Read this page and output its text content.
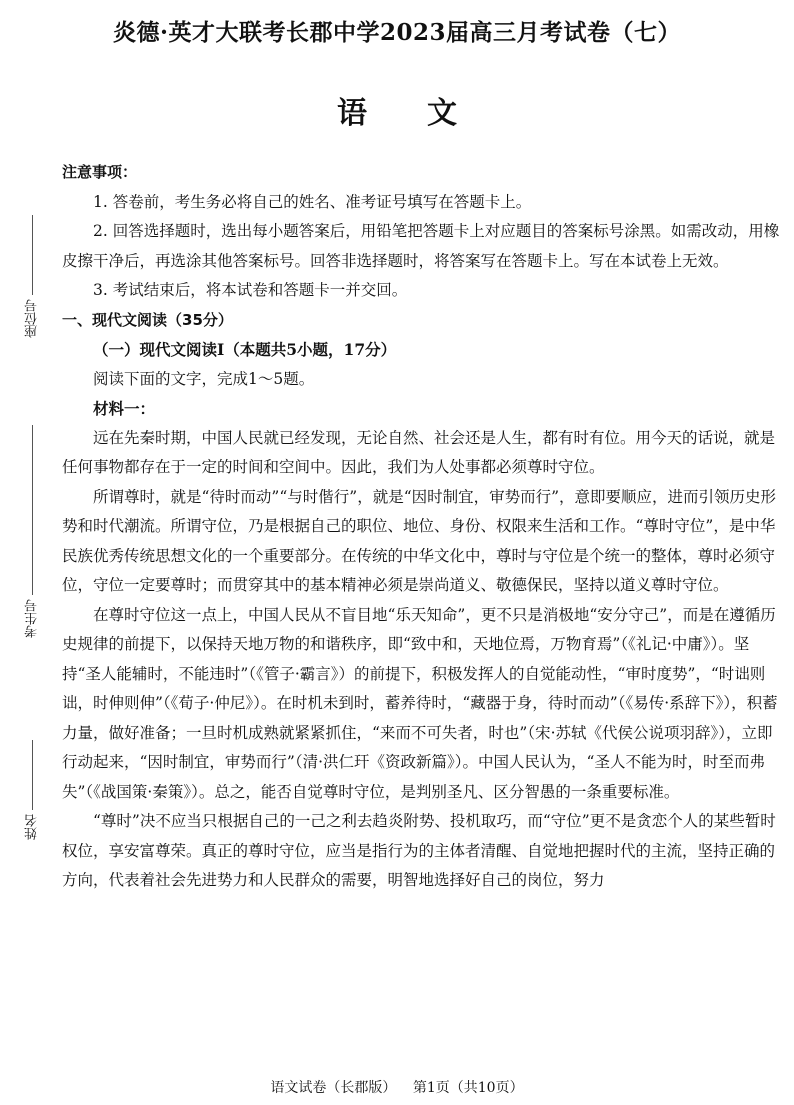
炎德·英才大联考长郡中学2023届高三月考试卷（七）
语文
座位号
考生号
姓名

注意事项：

1. 答卷前，考生务必将自己的姓名、准考证号填写在答题卡上。

2. 回答选择题时，选出每小题答案后，用铅笔把答题卡上对应题目的答案标号涂黑。如需改动，用橡皮擦干净后，再选涂其他答案标号。回答非选择题时，将答案写在答题卡上。写在本试卷上无效。

3. 考试结束后，将本试卷和答题卡一并交回。

一、现代文阅读（35分）

（一）现代文阅读Ⅰ（本题共5小题，17分）

阅读下面的文字，完成1～5题。

材料一：

远在先秦时期，中国人民就已经发现，无论自然、社会还是人生，都有时有位。用今天的话说，就是任何事物都存在于一定的时间和空间中。因此，我们为人处事都必须尊时守位。

所谓尊时，就是“待时而动”“与时偕行”，就是“因时制宜，审势而行”，意即要顺应，进而引领历史形势和时代潮流。所谓守位，乃是根据自己的职位、地位、身份、权限来生活和工作。“尊时守位”，是中华民族优秀传统思想文化的一个重要部分。在传统的中华文化中，尊时与守位是个统一的整体，尊时必须守位，守位一定要尊时；而贯穿其中的基本精神必须是崇尚道义、敬德保民，坚持以道义尊时守位。

在尊时守位这一点上，中国人民从不盲目地“乐天知命”，更不只是消极地“安分守己”，而是在遵循历史规律的前提下，以保持天地万物的和谐秩序，即“致中和，天地位焉，万物育焉”（《礼记·中庸》）。坚持“圣人能辅时，不能违时”（《管子·霸言》）的前提下，积极发挥人的自觉能动性，“审时度势”，“时诎则诎，时伸则伸”（《荀子·仲尼》）。在时机未到时，蓄养待时，“藏器于身，待时而动”（《易传·系辞下》），积蓄力量，做好准备；一旦时机成熟就紧紧抓住，“来而不可失者，时也”（宋·苏轼《代侯公说项羽辞》），立即行动起来，“因时制宜，审势而行”（清·洪仁玕《资政新篇》）。中国人民认为，“圣人不能为时，时至而弗失”（《战国策·秦策》）。总之，能否自觉尊时守位，是判别圣凡、区分智愚的一条重要标准。

“尊时”决不应当只根据自己的一己之利去趋炎附势、投机取巧，而“守位”更不是贪恋个人的某些暂时权位，享安富尊荣。真正的尊时守位，应当是指行为的主体者清醒、自觉地把握时代的主流，坚持正确的方向，代表着社会先进势力和人民群众的需要，明智地选择好自己的岗位，努力

语文试卷（长郡版） 第1页（共10页）
